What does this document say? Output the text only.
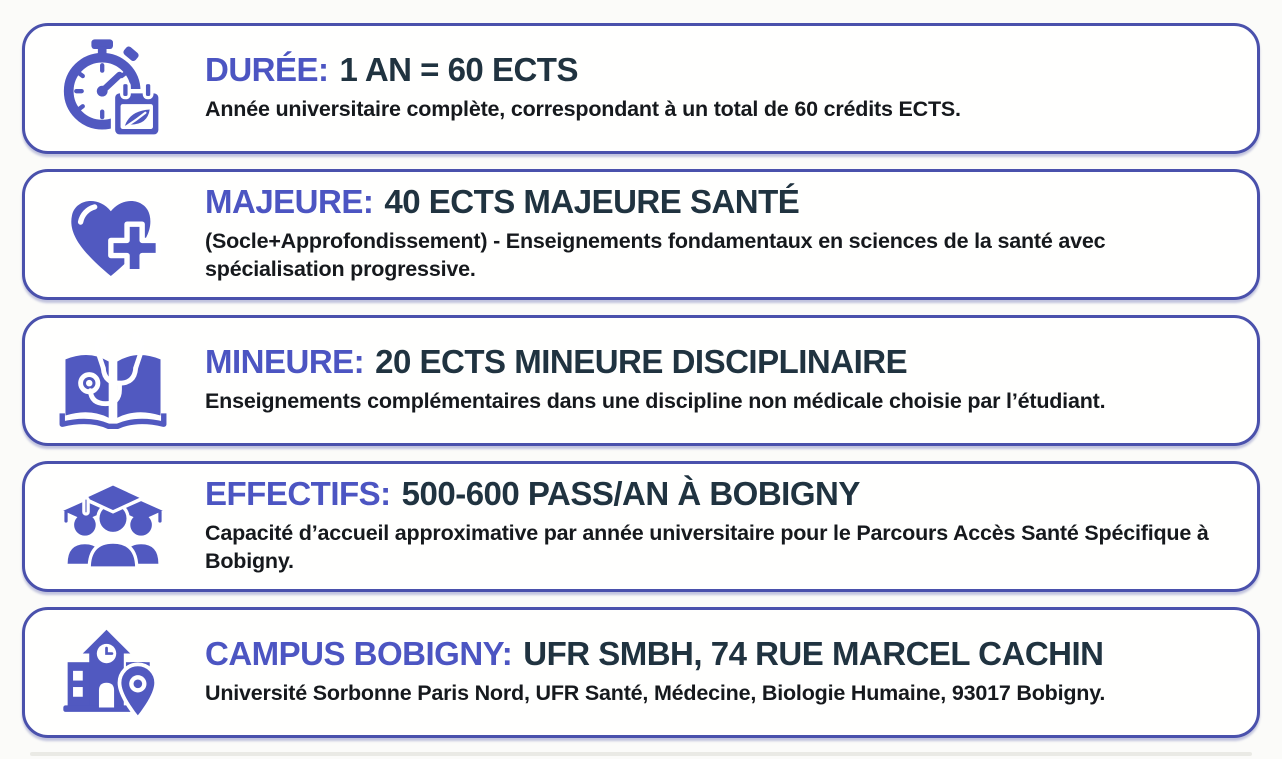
DURÉE: 1 AN = 60 ECTS

Année universitaire complète, correspondant à un total de 60 crédits ECTS.

MAJEURE: 40 ECTS MAJEURE SANTÉ

(Socle+Approfondissement) - Enseignements fondamentaux en sciences de la santé avec spécialisation progressive.

MINEURE: 20 ECTS MINEURE DISCIPLINAIRE

Enseignements complémentaires dans une discipline non médicale choisie par l’étudiant.

EFFECTIFS: 500-600 PASS/AN À BOBIGNY

Capacité d’accueil approximative par année universitaire pour le Parcours Accès Santé Spécifique à Bobigny.

CAMPUS BOBIGNY: UFR SMBH, 74 RUE MARCEL CACHIN

Université Sorbonne Paris Nord, UFR Santé, Médecine, Biologie Humaine, 93017 Bobigny.
